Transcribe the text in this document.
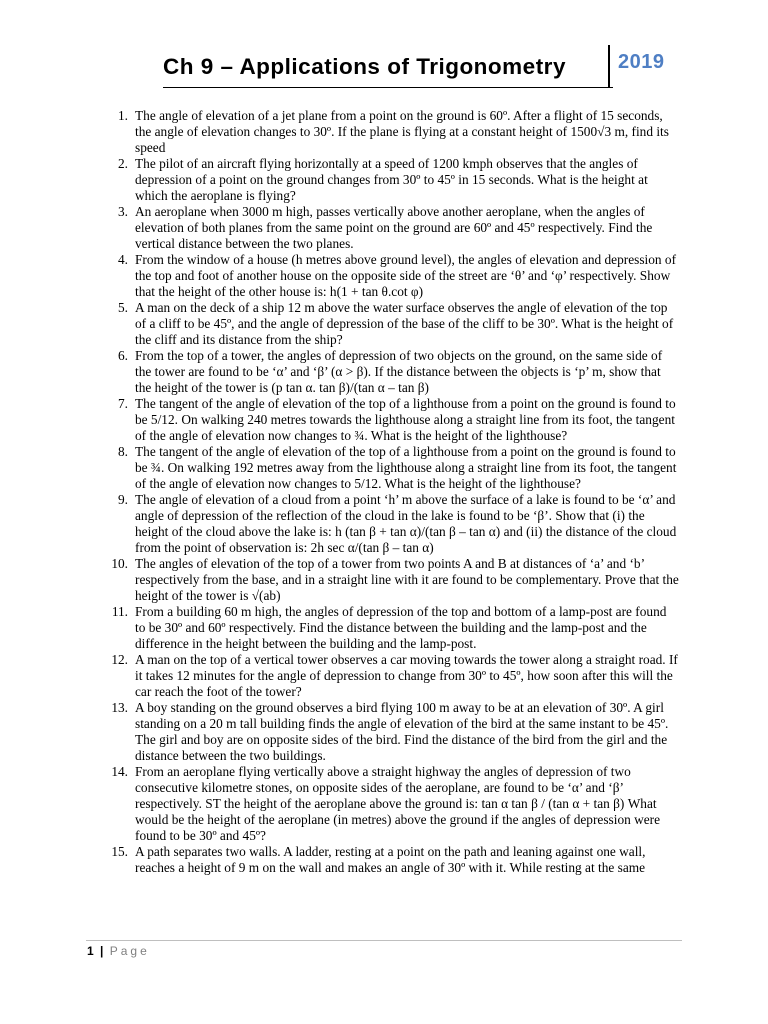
Ch 9 – Applications of Trigonometry	2019
1. The angle of elevation of a jet plane from a point on the ground is 60º. After a flight of 15 seconds, the angle of elevation changes to 30º. If the plane is flying at a constant height of 1500√3 m, find its speed
2. The pilot of an aircraft flying horizontally at a speed of 1200 kmph observes that the angles of depression of a point on the ground changes from 30º to 45º in 15 seconds. What is the height at which the aeroplane is flying?
3. An aeroplane when 3000 m high, passes vertically above another aeroplane, when the angles of elevation of both planes from the same point on the ground are 60º and 45º respectively. Find the vertical distance between the two planes.
4. From the window of a house (h metres above ground level), the angles of elevation and depression of the top and foot of another house on the opposite side of the street are ‘θ’ and ‘φ’ respectively. Show that the height of the other house is: h(1 + tan θ.cot φ)
5. A man on the deck of a ship 12 m above the water surface observes the angle of elevation of the top of a cliff to be 45º, and the angle of depression of the base of the cliff to be 30º. What is the height of the cliff and its distance from the ship?
6. From the top of a tower, the angles of depression of two objects on the ground, on the same side of the tower are found to be ‘α’ and ‘β’ (α > β). If the distance between the objects is ‘p’ m, show that the height of the tower is (p tan α. tan β)/(tan α – tan β)
7. The tangent of the angle of elevation of the top of a lighthouse from a point on the ground is found to be 5/12. On walking 240 metres towards the lighthouse along a straight line from its foot, the tangent of the angle of elevation now changes to ¾. What is the height of the lighthouse?
8. The tangent of the angle of elevation of the top of a lighthouse from a point on the ground is found to be ¾. On walking 192 metres away from the lighthouse along a straight line from its foot, the tangent of the angle of elevation now changes to 5/12. What is the height of the lighthouse?
9. The angle of elevation of a cloud from a point ‘h’ m above the surface of a lake is found to be ‘α’ and angle of depression of the reflection of the cloud in the lake is found to be ‘β’. Show that (i) the height of the cloud above the lake is: h (tan β + tan α)/(tan β – tan α) and (ii) the distance of the cloud from the point of observation is: 2h sec α/(tan β – tan α)
10. The angles of elevation of the top of a tower from two points A and B at distances of ‘a’ and ‘b’ respectively from the base, and in a straight line with it are found to be complementary. Prove that the height of the tower is √(ab)
11. From a building 60 m high, the angles of depression of the top and bottom of a lamp-post are found to be 30º and 60º respectively. Find the distance between the building and the lamp-post and the difference in the height between the building and the lamp-post.
12. A man on the top of a vertical tower observes a car moving towards the tower along a straight road. If it takes 12 minutes for the angle of depression to change from 30º to 45º, how soon after this will the car reach the foot of the tower?
13. A boy standing on the ground observes a bird flying 100 m away to be at an elevation of 30º. A girl standing on a 20 m tall building finds the angle of elevation of the bird at the same instant to be 45º. The girl and boy are on opposite sides of the bird. Find the distance of the bird from the girl and the distance between the two buildings.
14. From an aeroplane flying vertically above a straight highway the angles of depression of two consecutive kilometre stones, on opposite sides of the aeroplane, are found to be ‘α’ and ‘β’ respectively. ST the height of the aeroplane above the ground is: tan α tan β / (tan α + tan β) What would be the height of the aeroplane (in metres) above the ground if the angles of depression were found to be 30º and 45º?
15. A path separates two walls. A ladder, resting at a point on the path and leaning against one wall, reaches a height of 9 m on the wall and makes an angle of 30º with it. While resting at the same
1 | Page
